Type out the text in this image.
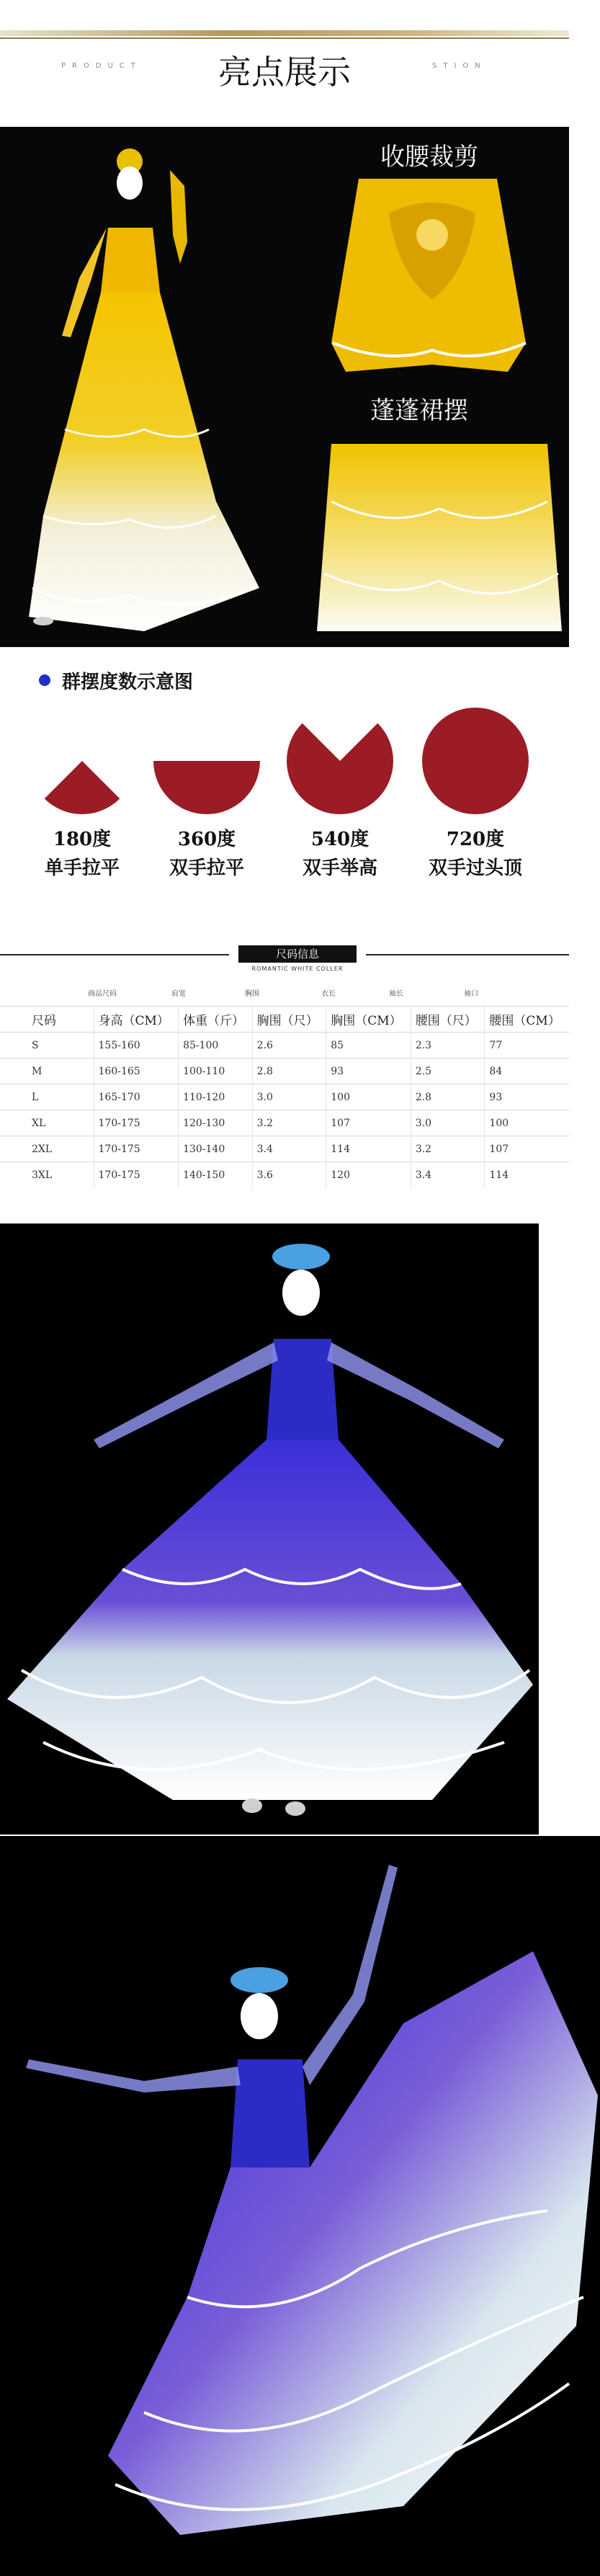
PRODUCT	亮点展示	STION
收腰裁剪
蓬蓬裙摆
群摆度数示意图
180度
单手拉平
360度
双手拉平
540度
双手举高
720度
双手过头顶
尺码信息
ROMANTIC WHITE COLLER
商品尺码	肩宽	胸围	衣长	袖长	袖口
尺码	身高（CM）	体重（斤）	胸围（尺）	胸围（CM）	腰围（尺）	腰围（CM）
S	155-160	85-100	2.6	85	2.3	77
M	160-165	100-110	2.8	93	2.5	84
L	165-170	110-120	3.0	100	2.8	93
XL	170-175	120-130	3.2	107	3.0	100
2XL	170-175	130-140	3.4	114	3.2	107
3XL	170-175	140-150	3.6	120	3.4	114
